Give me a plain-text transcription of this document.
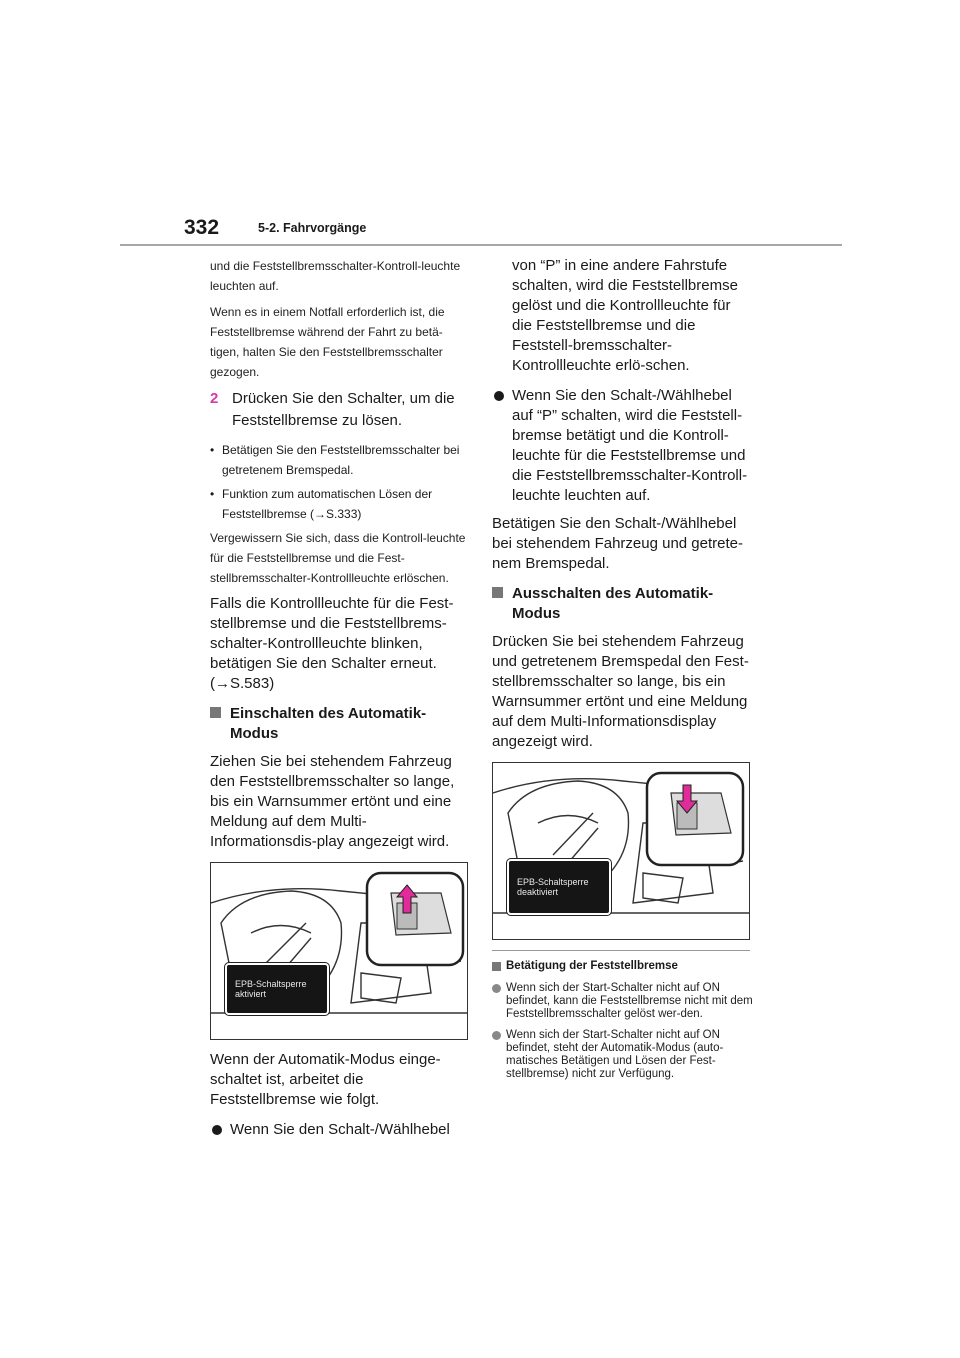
332	5-2. Fahrvorgänge

und die Feststellbremsschalter-Kontroll-leuchte leuchten auf.

Wenn es in einem Notfall erforderlich ist, die Feststellbremse während der Fahrt zu betä-tigen, halten Sie den Feststellbremsschalter gezogen.

2 Drücken Sie den Schalter, um die Feststellbremse zu lösen.
• Betätigen Sie den Feststellbremsschalter bei getretenem Bremspedal.
• Funktion zum automatischen Lösen der Feststellbremse (→S.333)

Vergewissern Sie sich, dass die Kontroll-leuchte für die Feststellbremse und die Fest-stellbremsschalter-Kontrollleuchte erlöschen.

Falls die Kontrollleuchte für die Fest-stellbremse und die Feststellbrems-schalter-Kontrollleuchte blinken, betätigen Sie den Schalter erneut. (→S.583)

Einschalten des Automatik-Modus

Ziehen Sie bei stehendem Fahrzeug den Feststellbremsschalter so lange, bis ein Warnsummer ertönt und eine Meldung auf dem Multi-Informationsdis-play angezeigt wird.

EPB-Schaltsperre aktiviert

Wenn der Automatik-Modus einge-schaltet ist, arbeitet die Feststellbremse wie folgt.

Wenn Sie den Schalt-/Wählhebel

von “P” in eine andere Fahrstufe schalten, wird die Feststellbremse gelöst und die Kontrollleuchte für die Feststellbremse und die Feststell-bremsschalter-Kontrollleuchte erlö-schen.

Wenn Sie den Schalt-/Wählhebel auf “P” schalten, wird die Feststell-bremse betätigt und die Kontroll-leuchte für die Feststellbremse und die Feststellbremsschalter-Kontroll-leuchte leuchten auf.

Betätigen Sie den Schalt-/Wählhebel bei stehendem Fahrzeug und getrete-nem Bremspedal.

Ausschalten des Automatik-Modus

Drücken Sie bei stehendem Fahrzeug und getretenem Bremspedal den Fest-stellbremsschalter so lange, bis ein Warnsummer ertönt und eine Meldung auf dem Multi-Informationsdisplay angezeigt wird.

EPB-Schaltsperre deaktiviert
Betätigung der Feststellbremse
Wenn sich der Start-Schalter nicht auf ON befindet, kann die Feststellbremse nicht mit dem Feststellbremsschalter gelöst wer-den.
Wenn sich der Start-Schalter nicht auf ON befindet, steht der Automatik-Modus (auto-matisches Betätigen und Lösen der Fest-stellbremse) nicht zur Verfügung.
